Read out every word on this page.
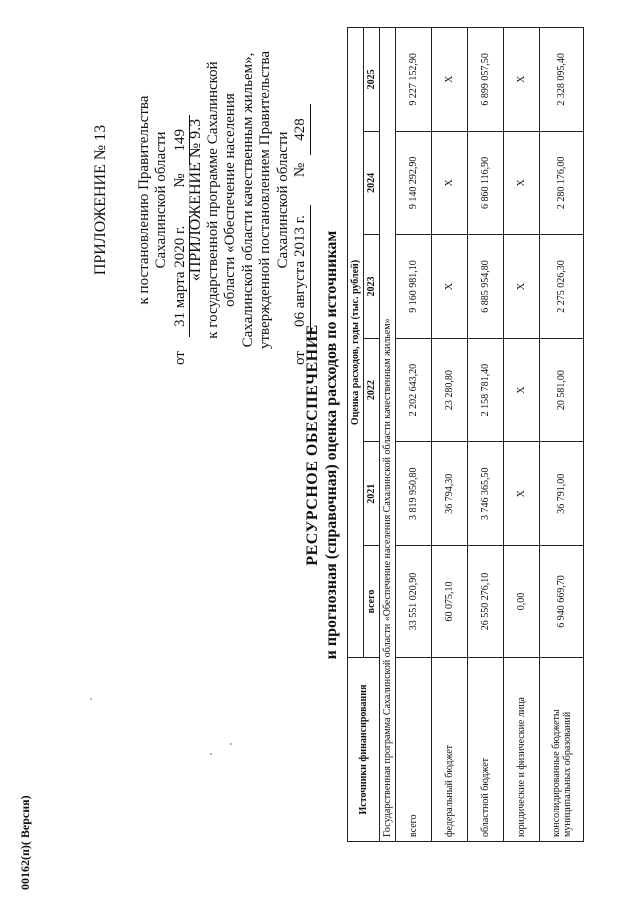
ПРИЛОЖЕНИЕ № 13 к постановлению Правительства Сахалинской области
от
31 марта 2020 г.
№
149 «ПРИЛОЖЕНИЕ № 9.3 к государственной программе Сахалинской области «Обеспечение населения Сахалинской области качественным жильем», утвержденной постановлением Правительства Сахалинской области
от
06 августа 2013 г.
№
428
РЕСУРСНОЕ ОБЕСПЕЧЕНИЕ и прогнозная (справочная) оценка расходов по источникам
Источники финансирования	Оценка расходов, годы (тыс. рублей)					
	всего	2021	2022	2023	2024	2025
Государственная программа Сахалинской области «Обеспечение населения Сахалинской области качественным жильем»						
всего	33 551 020,90	3 819 950,80	2 202 643,20	9 160 981,10	9 140 292,90	9 227 152,90
федеральный бюджет	60 075,10	36 794,30	23 280,80	Х	Х	Х
областной бюджет	26 550 276,10	3 746 365,50	2 158 781,40	6 885 954,80	6 860 116,90	6 899 057,50
юридические и физические лица	0,00	Х	Х	Х	Х	Х
консолидированные бюджеты муниципальных образований	6 940 669,70	36 791,00	20 581,00	2 275 026,30	2 280 176,00	2 328 095,40
00162(п)( Версия)
